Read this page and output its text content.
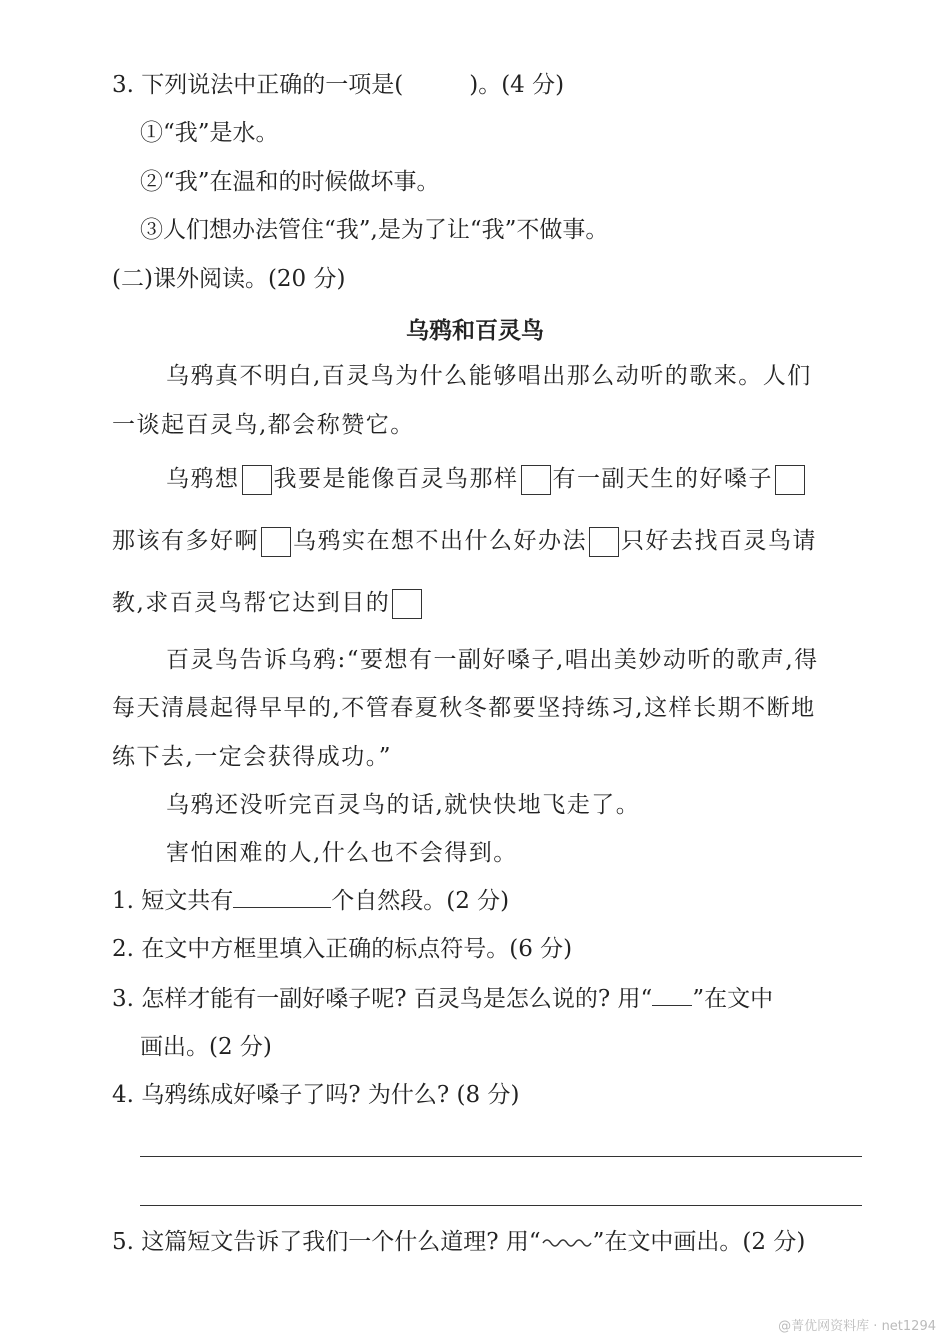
3. 下列说法中正确的一项是(	)。(4 分)
①“我”是水。
②“我”在温和的时候做坏事。
③人们想办法管住“我”,是为了让“我”不做事。
(二)课外阅读。(20 分)
乌鸦和百灵鸟
乌鸦真不明白,百灵鸟为什么能够唱出那么动听的歌来。人们
一谈起百灵鸟,都会称赞它。
乌鸦想 我要是能像百灵鸟那样 有一副天生的好嗓子
那该有多好啊 乌鸦实在想不出什么好办法 只好去找百灵鸟请
教,求百灵鸟帮它达到目的
百灵鸟告诉乌鸦:“要想有一副好嗓子,唱出美妙动听的歌声,得
每天清晨起得早早的,不管春夏秋冬都要坚持练习,这样长期不断地
练下去,一定会获得成功。”
乌鸦还没听完百灵鸟的话,就快快地飞走了。
害怕困难的人,什么也不会得到。
1. 短文共有	个自然段。(2 分)
2. 在文中方框里填入正确的标点符号。(6 分)
3. 怎样才能有一副好嗓子呢? 百灵鸟是怎么说的? 用“ ”在文中
画出。(2 分)
4. 乌鸦练成好嗓子了吗? 为什么? (8 分)
5. 这篇短文告诉了我们一个什么道理? 用“ ”在文中画出。(2 分)
@菁优网资料库 · net1294
